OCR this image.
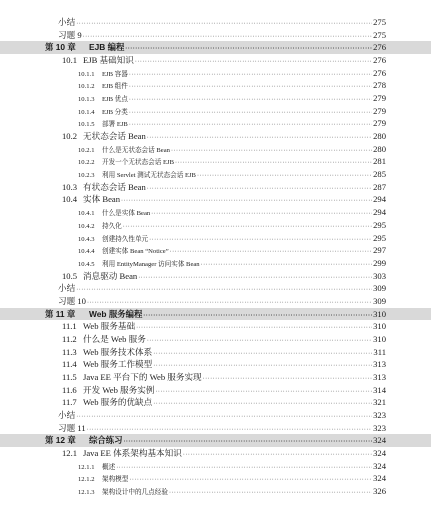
小结 ·····	275
习题 9 ·····	275
第 10 章	EJB 编程 ·····	276
10.1 EJB 基础知识 ·····	276
10.1.1	EJB 容器 ·····	276
10.1.2	EJB 组件 ·····	278
10.1.3	EJB 优点 ·····	279
10.1.4	EJB 分类 ·····	279
10.1.5	部署 EJB ·····	279
10.2 无状态会话 Bean ·····	280
10.2.1	什么是无状态会话 Bean ·····	280
10.2.2	开发一个无状态会话 EJB ·····	281
10.2.3	利用 Servlet 测试无状态会话 EJB ·····	285
10.3 有状态会话 Bean ·····	287
10.4 实体 Bean ·····	294
10.4.1	什么是实体 Bean ·····	294
10.4.2	持久化 ·····	295
10.4.3	创建持久性单元 ·····	295
10.4.4	创建实体 Bean “Notice” ·····	297
10.4.5	利用 EntityManager 访问实体 Bean ·····	299
10.5 消息驱动 Bean ·····	303
小结 ·····	309
习题 10 ·····	309
第 11 章	Web 服务编程 ·····	310
11.1 Web 服务基础 ·····	310
11.2 什么是 Web 服务 ·····	310
11.3 Web 服务技术体系 ·····	311
11.4 Web 服务工作模型 ·····	313
11.5 Java EE 平台下的 Web 服务实现 ·····	313
11.6 开发 Web 服务实例 ·····	314
11.7 Web 服务的优缺点 ·····	321
小结 ·····	323
习题 11 ·····	323
第 12 章	综合练习 ·····	324
12.1 Java EE 体系架构基本知识 ·····	324
12.1.1	概述 ·····	324
12.1.2	架构模型 ·····	324
12.1.3	架构设计中的几点经验 ·····	326
